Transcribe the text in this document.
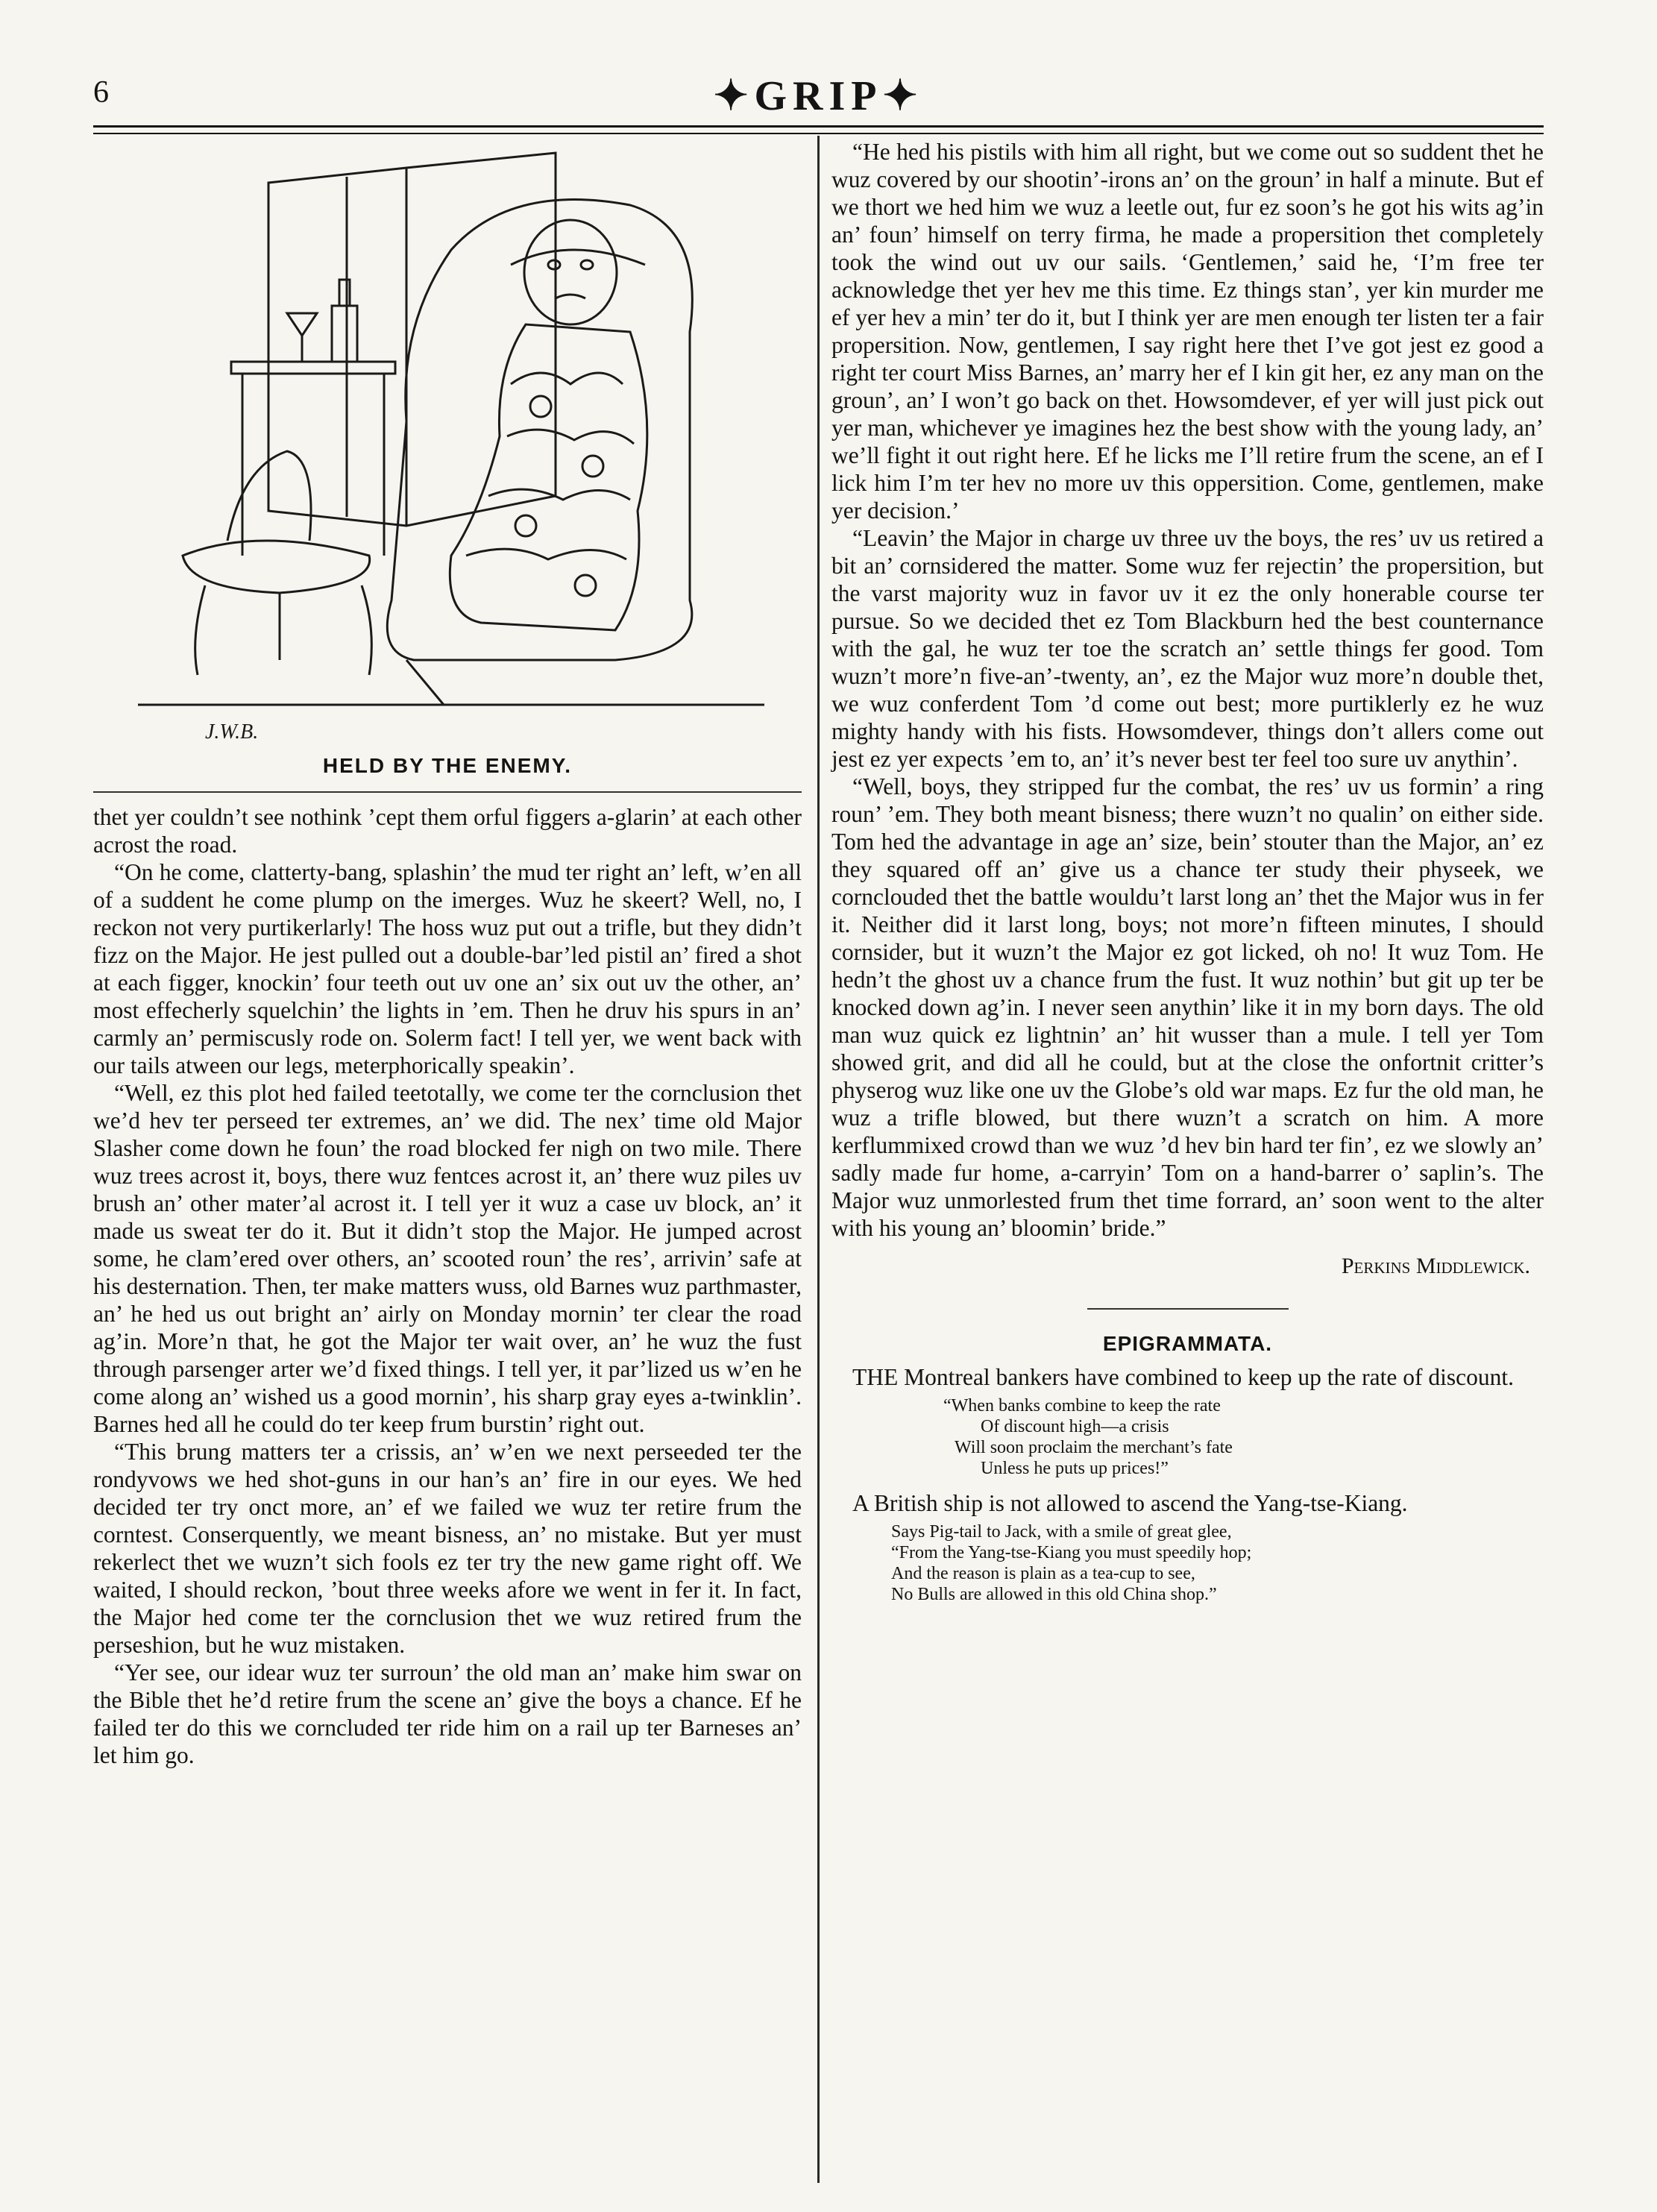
6	✦GRIP✦
J.W.B.
HELD BY THE ENEMY.

thet yer couldn’t see nothink ’cept them orful figgers a-glarin’ at each other acrost the road.

“On he come, clatterty-bang, splashin’ the mud ter right an’ left, w’en all of a suddent he come plump on the imerges. Wuz he skeert? Well, no, I reckon not very purtikerlarly! The hoss wuz put out a trifle, but they didn’t fizz on the Major. He jest pulled out a double-bar’led pistil an’ fired a shot at each figger, knockin’ four teeth out uv one an’ six out uv the other, an’ most effecherly squelchin’ the lights in ’em. Then he druv his spurs in an’ carmly an’ permiscusly rode on. Solerm fact! I tell yer, we went back with our tails atween our legs, meterphorically speakin’.

“Well, ez this plot hed failed teetotally, we come ter the cornclusion thet we’d hev ter perseed ter extremes, an’ we did. The nex’ time old Major Slasher come down he foun’ the road blocked fer nigh on two mile. There wuz trees acrost it, boys, there wuz fentces acrost it, an’ there wuz piles uv brush an’ other mater’al acrost it. I tell yer it wuz a case uv block, an’ it made us sweat ter do it. But it didn’t stop the Major. He jumped acrost some, he clam’ered over others, an’ scooted roun’ the res’, arrivin’ safe at his desternation. Then, ter make matters wuss, old Barnes wuz parthmaster, an’ he hed us out bright an’ airly on Monday mornin’ ter clear the road ag’in. More’n that, he got the Major ter wait over, an’ he wuz the fust through parsenger arter we’d fixed things. I tell yer, it par’lized us w’en he come along an’ wished us a good mornin’, his sharp gray eyes a-twinklin’. Barnes hed all he could do ter keep frum burstin’ right out.

“This brung matters ter a crissis, an’ w’en we next perseeded ter the rondyvows we hed shot-guns in our han’s an’ fire in our eyes. We hed decided ter try onct more, an’ ef we failed we wuz ter retire frum the corntest. Conserquently, we meant bisness, an’ no mistake. But yer must rekerlect thet we wuzn’t sich fools ez ter try the new game right off. We waited, I should reckon, ’bout three weeks afore we went in fer it. In fact, the Major hed come ter the cornclusion thet we wuz retired frum the perseshion, but he wuz mistaken.

“Yer see, our idear wuz ter surroun’ the old man an’ make him swar on the Bible thet he’d retire frum the scene an’ give the boys a chance. Ef he failed ter do this we corncluded ter ride him on a rail up ter Barneses an’ let him go.

“He hed his pistils with him all right, but we come out so suddent thet he wuz covered by our shootin’-irons an’ on the groun’ in half a minute. But ef we thort we hed him we wuz a leetle out, fur ez soon’s he got his wits ag’in an’ foun’ himself on terry firma, he made a propersition thet completely took the wind out uv our sails. ‘Gentlemen,’ said he, ‘I’m free ter acknowledge thet yer hev me this time. Ez things stan’, yer kin murder me ef yer hev a min’ ter do it, but I think yer are men enough ter listen ter a fair propersition. Now, gentlemen, I say right here thet I’ve got jest ez good a right ter court Miss Barnes, an’ marry her ef I kin git her, ez any man on the groun’, an’ I won’t go back on thet. Howsomdever, ef yer will just pick out yer man, whichever ye imagines hez the best show with the young lady, an’ we’ll fight it out right here. Ef he licks me I’ll retire frum the scene, an ef I lick him I’m ter hev no more uv this oppersition. Come, gentlemen, make yer decision.’

“Leavin’ the Major in charge uv three uv the boys, the res’ uv us retired a bit an’ cornsidered the matter. Some wuz fer rejectin’ the propersition, but the varst majority wuz in favor uv it ez the only honerable course ter pursue. So we decided thet ez Tom Blackburn hed the best counternance with the gal, he wuz ter toe the scratch an’ settle things fer good. Tom wuzn’t more’n five-an’-twenty, an’, ez the Major wuz more’n double thet, we wuz conferdent Tom ’d come out best; more purtiklerly ez he wuz mighty handy with his fists. Howsomdever, things don’t allers come out jest ez yer expects ’em to, an’ it’s never best ter feel too sure uv anythin’.

“Well, boys, they stripped fur the combat, the res’ uv us formin’ a ring roun’ ’em. They both meant bisness; there wuzn’t no qualin’ on either side. Tom hed the advantage in age an’ size, bein’ stouter than the Major, an’ ez they squared off an’ give us a chance ter study their physeek, we cornclouded thet the battle wouldu’t larst long an’ thet the Major wus in fer it. Neither did it larst long, boys; not more’n fifteen minutes, I should cornsider, but it wuzn’t the Major ez got licked, oh no! It wuz Tom. He hedn’t the ghost uv a chance frum the fust. It wuz nothin’ but git up ter be knocked down ag’in. I never seen anythin’ like it in my born days. The old man wuz quick ez lightnin’ an’ hit wusser than a mule. I tell yer Tom showed grit, and did all he could, but at the close the onfortnit critter’s physerog wuz like one uv the Globe’s old war maps. Ez fur the old man, he wuz a trifle blowed, but there wuzn’t a scratch on him. A more kerflummixed crowd than we wuz ’d hev bin hard ter fin’, ez we slowly an’ sadly made fur home, a-carryin’ Tom on a hand-barrer o’ saplin’s. The Major wuz unmorlested frum thet time forrard, an’ soon went to the alter with his young an’ bloomin’ bride.”

Perkins Middlewick.
EPIGRAMMATA.

THE Montreal bankers have combined to keep up the rate of discount.

“When banks combine to keep the rate
Of discount high—a crisis
Will soon proclaim the merchant’s fate
Unless he puts up prices!”

A British ship is not allowed to ascend the Yang-tse-Kiang.

Says Pig-tail to Jack, with a smile of great glee,
“From the Yang-tse-Kiang you must speedily hop;
And the reason is plain as a tea-cup to see,
No Bulls are allowed in this old China shop.”
